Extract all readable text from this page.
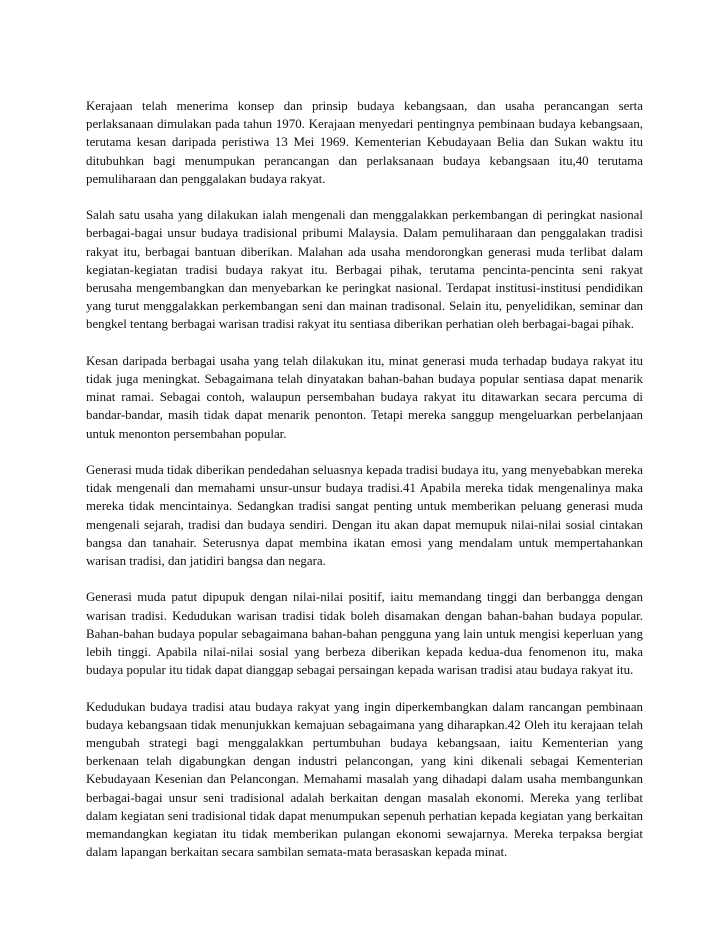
Kerajaan telah menerima konsep dan prinsip budaya kebangsaan, dan usaha perancangan serta perlaksanaan dimulakan pada tahun 1970. Kerajaan menyedari pentingnya pembinaan budaya kebangsaan, terutama kesan daripada peristiwa 13 Mei 1969. Kementerian Kebudayaan Belia dan Sukan waktu itu ditubuhkan bagi menumpukan perancangan dan perlaksanaan budaya kebangsaan itu,40 terutama pemuliharaan dan penggalakan budaya rakyat.

Salah satu usaha yang dilakukan ialah mengenali dan menggalakkan perkembangan di peringkat nasional berbagai-bagai unsur budaya tradisional pribumi Malaysia. Dalam pemuliharaan dan penggalakan tradisi rakyat itu, berbagai bantuan diberikan. Malahan ada usaha mendorongkan generasi muda terlibat dalam kegiatan-kegiatan tradisi budaya rakyat itu. Berbagai pihak, terutama pencinta-pencinta seni rakyat berusaha mengembangkan dan menyebarkan ke peringkat nasional. Terdapat institusi-institusi pendidikan yang turut menggalakkan perkembangan seni dan mainan tradisonal. Selain itu, penyelidikan, seminar dan bengkel tentang berbagai warisan tradisi rakyat itu sentiasa diberikan perhatian oleh berbagai-bagai pihak.

Kesan daripada berbagai usaha yang telah dilakukan itu, minat generasi muda terhadap budaya rakyat itu tidak juga meningkat. Sebagaimana telah dinyatakan bahan-bahan budaya popular sentiasa dapat menarik minat ramai. Sebagai contoh, walaupun persembahan budaya rakyat itu ditawarkan secara percuma di bandar-bandar, masih tidak dapat menarik penonton. Tetapi mereka sanggup mengeluarkan perbelanjaan untuk menonton persembahan popular.

Generasi muda tidak diberikan pendedahan seluasnya kepada tradisi budaya itu, yang menyebabkan mereka tidak mengenali dan memahami unsur-unsur budaya tradisi.41 Apabila mereka tidak mengenalinya maka mereka tidak mencintainya. Sedangkan tradisi sangat penting untuk memberikan peluang generasi muda mengenali sejarah, tradisi dan budaya sendiri. Dengan itu akan dapat memupuk nilai-nilai sosial cintakan bangsa dan tanahair. Seterusnya dapat membina ikatan emosi yang mendalam untuk mempertahankan warisan tradisi, dan jatidiri bangsa dan negara.

Generasi muda patut dipupuk dengan nilai-nilai positif, iaitu memandang tinggi dan berbangga dengan warisan tradisi. Kedudukan warisan tradisi tidak boleh disamakan dengan bahan-bahan budaya popular. Bahan-bahan budaya popular sebagaimana bahan-bahan pengguna yang lain untuk mengisi keperluan yang lebih tinggi. Apabila nilai-nilai sosial yang berbeza diberikan kepada kedua-dua fenomenon itu, maka budaya popular itu tidak dapat dianggap sebagai persaingan kepada warisan tradisi atau budaya rakyat itu.

Kedudukan budaya tradisi atau budaya rakyat yang ingin diperkembangkan dalam rancangan pembinaan budaya kebangsaan tidak menunjukkan kemajuan sebagaimana yang diharapkan.42 Oleh itu kerajaan telah mengubah strategi bagi menggalakkan pertumbuhan budaya kebangsaan, iaitu Kementerian yang berkenaan telah digabungkan dengan industri pelancongan, yang kini dikenali sebagai Kementerian Kebudayaan Kesenian dan Pelancongan. Memahami masalah yang dihadapi dalam usaha membangunkan berbagai-bagai unsur seni tradisional adalah berkaitan dengan masalah ekonomi. Mereka yang terlibat dalam kegiatan seni tradisional tidak dapat menumpukan sepenuh perhatian kepada kegiatan yang berkaitan memandangkan kegiatan itu tidak memberikan pulangan ekonomi sewajarnya. Mereka terpaksa bergiat dalam lapangan berkaitan secara sambilan semata-mata berasaskan kepada minat.
